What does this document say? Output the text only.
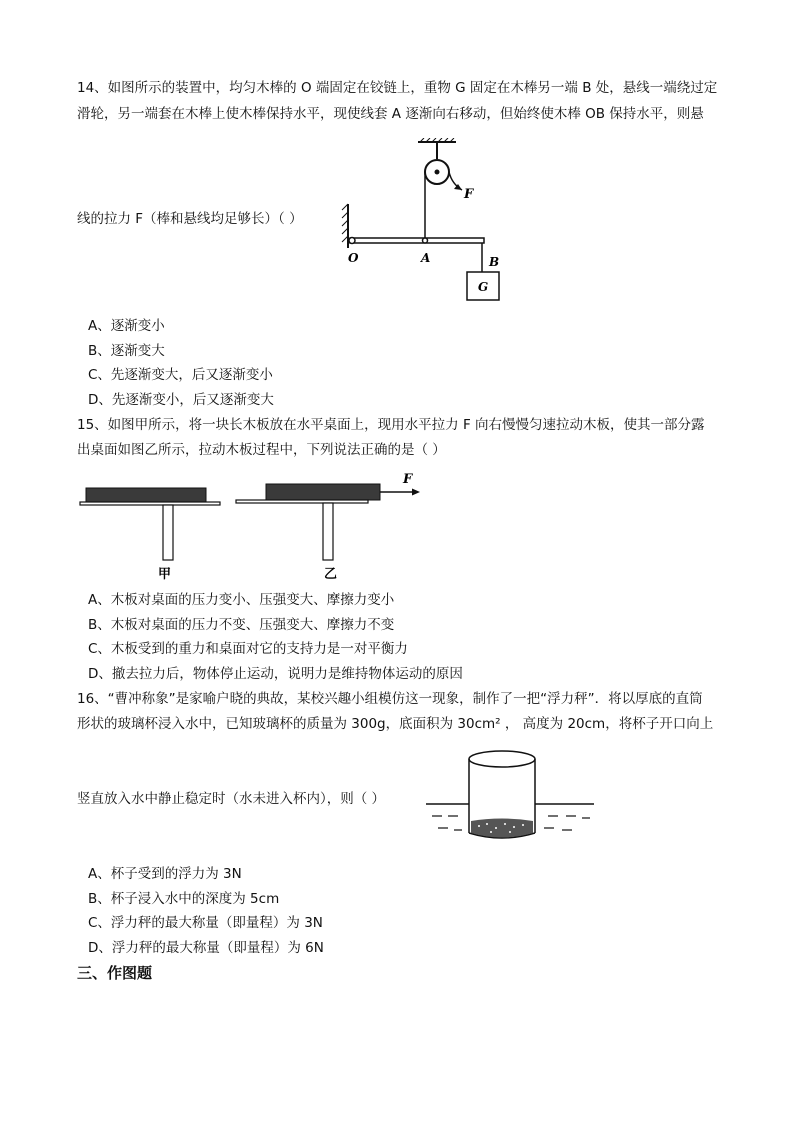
14、如图所示的装置中，均匀木棒的 O 端固定在铰链上，重物 G 固定在木棒另一端 B 处，悬线一端绕过定
滑轮，另一端套在木棒上使木棒保持水平，现使线套 A 逐渐向右移动，但始终使木棒 OB 保持水平，则悬
F
O	A	B
G
线的拉力 F（棒和悬线均足够长）（ ）
A、逐渐变小
B、逐渐变大
C、先逐渐变大，后又逐渐变小
D、先逐渐变小，后又逐渐变大
15、如图甲所示，将一块长木板放在水平桌面上，现用水平拉力 F 向右慢慢匀速拉动木板，使其一部分露
出桌面如图乙所示，拉动木板过程中，下列说法正确的是（ ）
甲
F
乙
A、木板对桌面的压力变小、压强变大、摩擦力变小
B、木板对桌面的压力不变、压强变大、摩擦力不变
C、木板受到的重力和桌面对它的支持力是一对平衡力
D、撤去拉力后，物体停止运动，说明力是维持物体运动的原因
16、“曹冲称象”是家喻户晓的典故，某校兴趣小组模仿这一现象，制作了一把“浮力秤”．将以厚底的直筒
形状的玻璃杯浸入水中，已知玻璃杯的质量为 300g，底面积为 30cm² ， 高度为 20cm，将杯子开口向上
竖直放入水中静止稳定时（水未进入杯内），则（ ）
A、杯子受到的浮力为 3N
B、杯子浸入水中的深度为 5cm
C、浮力秤的最大称量（即量程）为 3N
D、浮力秤的最大称量（即量程）为 6N
三、作图题
